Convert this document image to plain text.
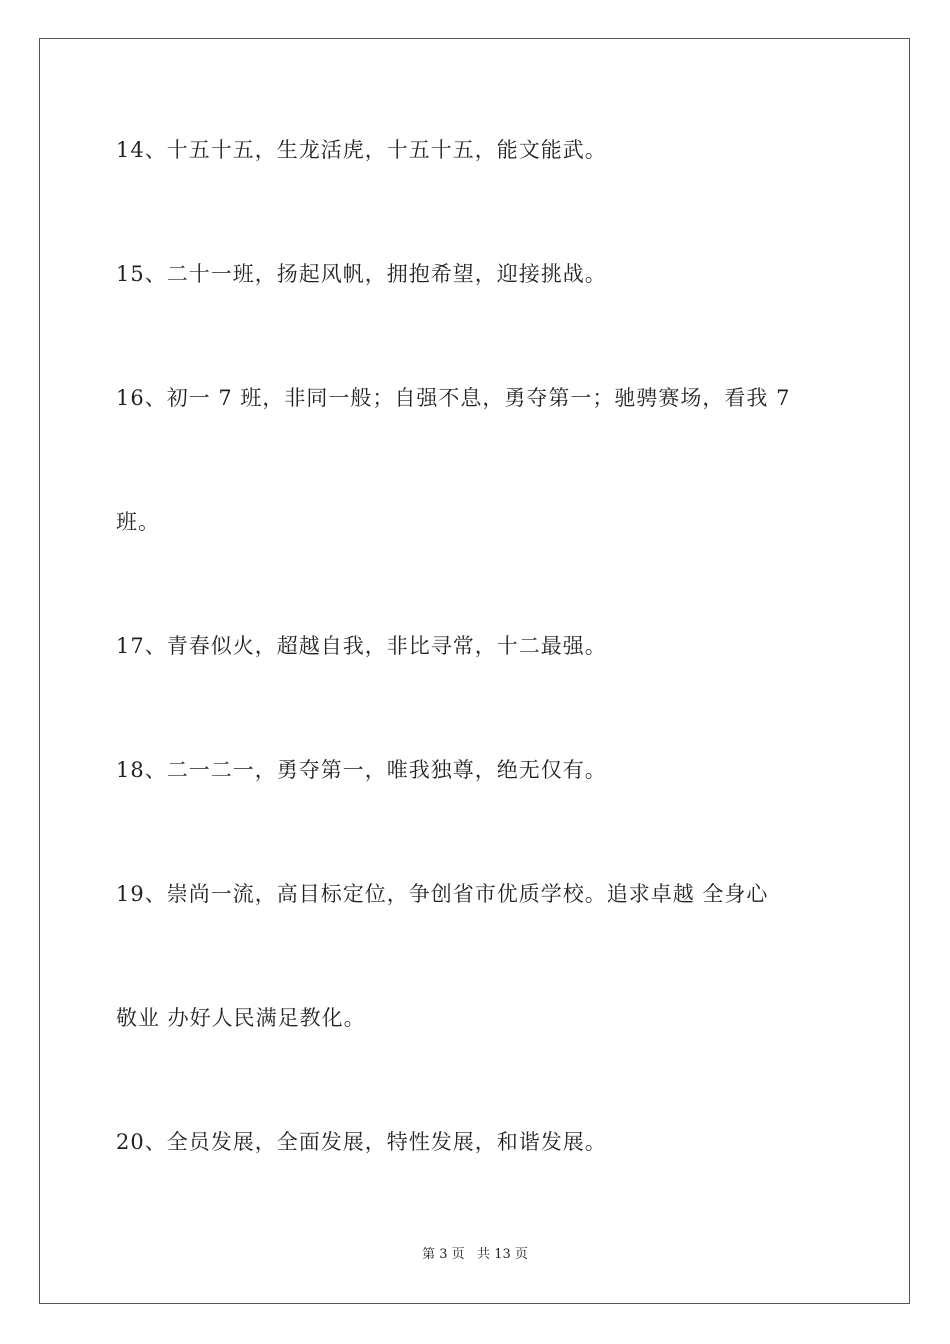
14、十五十五，生龙活虎，十五十五，能文能武。
15、二十一班，扬起风帆，拥抱希望，迎接挑战。
16、初一 7 班，非同一般；自强不息，勇夺第一；驰骋赛场，看我 7
班。
17、青春似火，超越自我，非比寻常，十二最强。
18、二一二一，勇夺第一，唯我独尊，绝无仅有。
19、崇尚一流，高目标定位，争创省市优质学校。追求卓越 全身心
敬业 办好人民满足教化。
20、全员发展，全面发展，特性发展，和谐发展。
第 3 页   共 13 页
